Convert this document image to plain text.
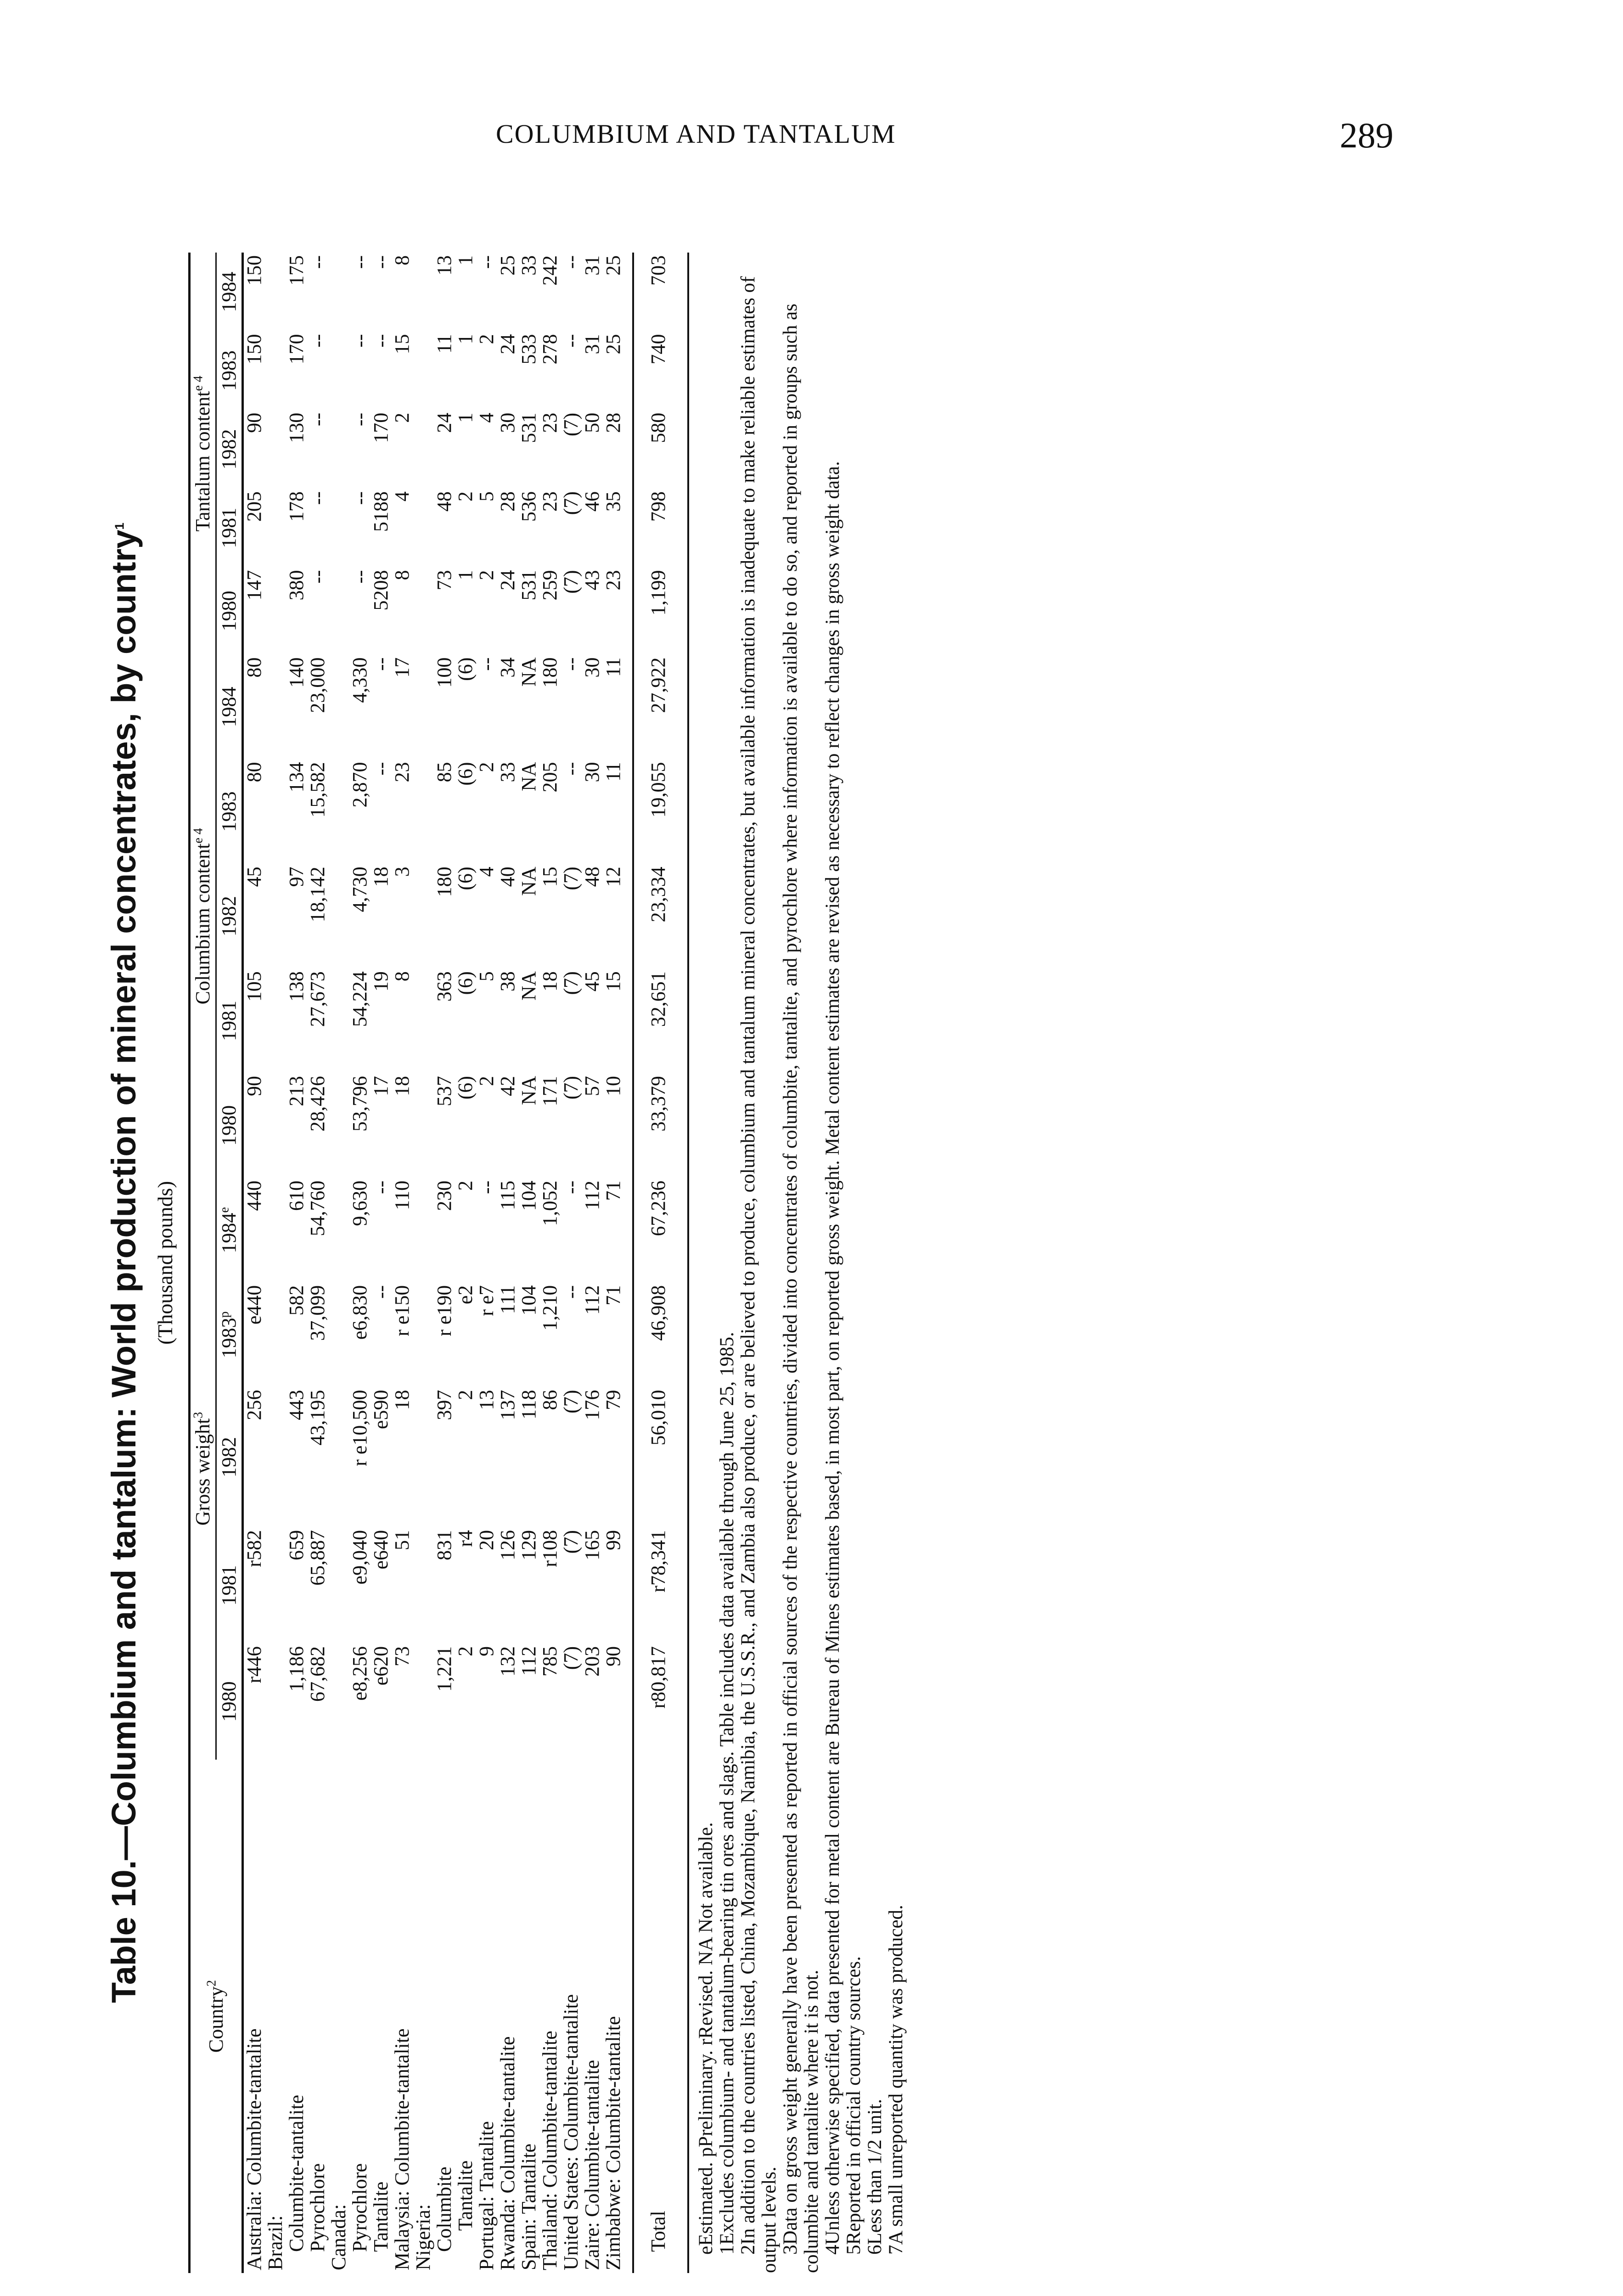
COLUMBIUM AND TANTALUM	289
Table 10.—Columbium and tantalum: World production of mineral concentrates, by country$^1$
(Thousand pounds)
Country$^2$	Gross weight$^3$					Columbium content$^{e 4}$					Tantalum content$^{e 4}$
	1980	1981	1982	1983$^p$	1984e	1980	1981	1982	1983	1984	1980	1981	1982	1983	1984
Australia: Columbite-tantalite	r446	r582	256	e440	440	90	105	45	80	80	147	205	90	150	150
Brazil:															
Columbite-tantalite	1,186	659	443	582	610	213	138	97	134	140	380	178	130	170	175
Pyrochlore	67,682	65,887	43,195	37,099	54,760	28,426	27,673	18,142	15,582	23,000	--	--	--	--	--
Canada:															
Pyrochlore	e8,256	e9,040	r e10,500	e6,830	9,630	53,796	54,224	4,730	2,870	4,330	--	--	--	--	--
Tantalite	e620	e640	e590	--	--	17	19	18	--	--	5208	5188	170	--	--
Malaysia: Columbite-tantalite	73	51	18	r e150	110	18	8	3	23	17	8	4	2	15	8
Nigeria:															
Columbite	1,221	831	397	r e190	230	537	363	180	85	100	73	48	24	11	13
Tantalite	2	r4	2	e2	2	(6)	(6)	(6)	(6)	(6)	1	2	1	1	1
Portugal: Tantalite	9	20	13	r e7	--	2	5	4	2	--	2	5	4	2	--
Rwanda: Columbite-tantalite	132	126	137	111	115	42	38	40	33	34	24	28	30	24	25
Spain: Tantalite	112	129	118	104	104	NA	NA	NA	NA	NA	531	536	531	533	33
Thailand: Columbite-tantalite	785	r108	86	1,210	1,052	171	18	15	205	180	259	23	23	278	242
United States: Columbite-tantalite	(7)	(7)	(7)	--	--	(7)	(7)	(7)	--	--	(7)	(7)	(7)	--	--
Zaire: Columbite-tantalite	203	165	176	112	112	57	45	48	30	30	43	46	50	31	31
Zimbabwe: Columbite-tantalite	90	99	79	71	71	10	15	12	11	11	23	35	28	25	25

Total	r80,817	r78,341	56,010	46,908	67,236	33,379	32,651	23,334	19,055	27,922	1,199	798	580	740	703

eEstimated. pPreliminary. rRevised. NA Not available. 1Excludes columbium- and tantalum-bearing tin ores and slags. Table includes data available through June 25, 1985. 2In addition to the countries listed, China, Mozambique, Namibia, the U.S.S.R., and Zambia also produce, or are believed to produce, columbium and tantalum mineral concentrates, but available information is inadequate to make reliable estimates of output levels. 3Data on gross weight generally have been presented as reported in official sources of the respective countries, divided into concentrates of columbite, tantalite, and pyrochlore where information is available to do so, and reported in groups such as columbite and tantalite where it is not. 4Unless otherwise specified, data presented for metal content are Bureau of Mines estimates based, in most part, on reported gross weight. Metal content estimates are revised as necessary to reflect changes in gross weight data. 5Reported in official country sources. 6Less than 1/2 unit. 7A small unreported quantity was produced.
